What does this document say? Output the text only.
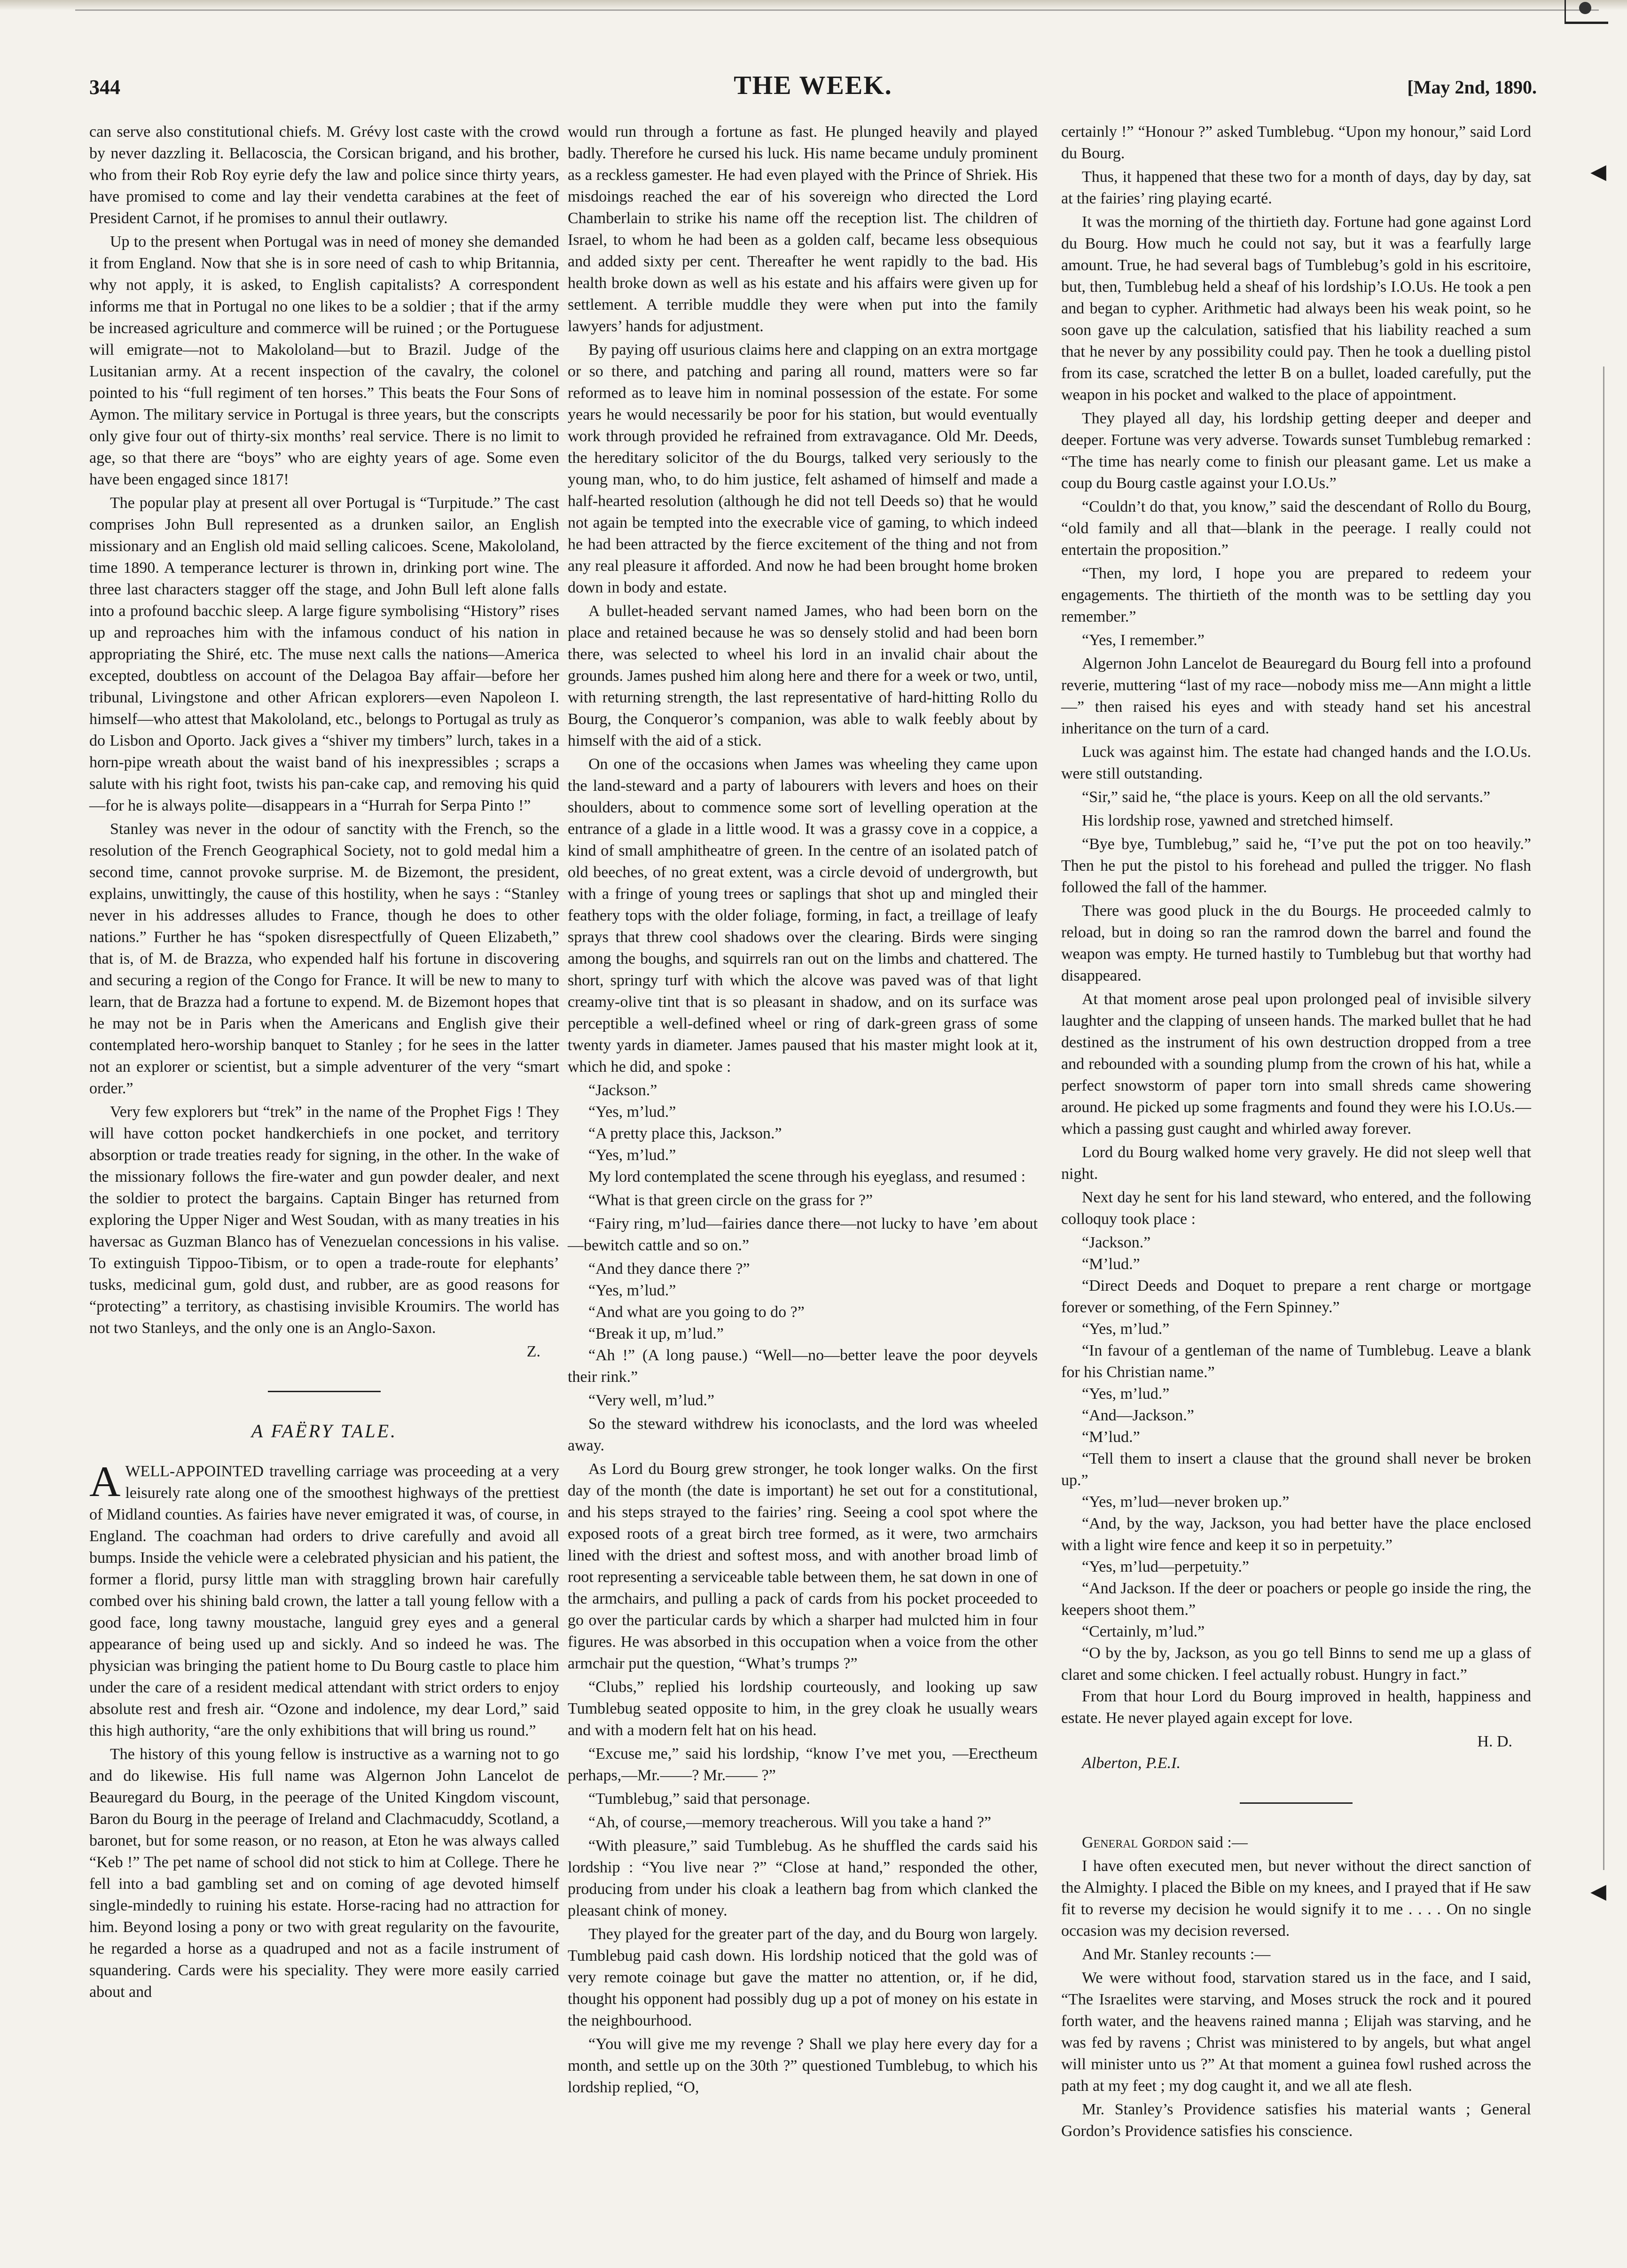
344	THE WEEK.	[May 2nd, 1890.

can serve also constitutional chiefs. M. Grévy lost caste with the crowd by never dazzling it. Bellacoscia, the Corsican brigand, and his brother, who from their Rob Roy eyrie defy the law and police since thirty years, have promised to come and lay their vendetta carabines at the feet of President Carnot, if he promises to annul their outlawry.

Up to the present when Portugal was in need of money she demanded it from England. Now that she is in sore need of cash to whip Britannia, why not apply, it is asked, to English capitalists? A correspondent informs me that in Portugal no one likes to be a soldier ; that if the army be increased agriculture and commerce will be ruined ; or the Portuguese will emigrate—not to Makololand—but to Brazil. Judge of the Lusitanian army. At a recent inspection of the cavalry, the colonel pointed to his “full regiment of ten horses.” This beats the Four Sons of Aymon. The military service in Portugal is three years, but the conscripts only give four out of thirty-six months’ real service. There is no limit to age, so that there are “boys” who are eighty years of age. Some even have been engaged since 1817!

The popular play at present all over Portugal is “Turpitude.” The cast comprises John Bull represented as a drunken sailor, an English missionary and an English old maid selling calicoes. Scene, Makololand, time 1890. A temperance lecturer is thrown in, drinking port wine. The three last characters stagger off the stage, and John Bull left alone falls into a profound bacchic sleep. A large figure symbolising “History” rises up and reproaches him with the infamous conduct of his nation in appropriating the Shiré, etc. The muse next calls the nations—America excepted, doubtless on account of the Delagoa Bay affair—before her tribunal, Livingstone and other African explorers—even Napoleon I. himself—who attest that Makololand, etc., belongs to Portugal as truly as do Lisbon and Oporto. Jack gives a “shiver my timbers” lurch, takes in a horn-pipe wreath about the waist band of his inexpressibles ; scraps a salute with his right foot, twists his pan-cake cap, and removing his quid—for he is always polite—disappears in a “Hurrah for Serpa Pinto !”

Stanley was never in the odour of sanctity with the French, so the resolution of the French Geographical Society, not to gold medal him a second time, cannot provoke surprise. M. de Bizemont, the president, explains, unwittingly, the cause of this hostility, when he says : “Stanley never in his addresses alludes to France, though he does to other nations.” Further he has “spoken disrespectfully of Queen Elizabeth,” that is, of M. de Brazza, who expended half his fortune in discovering and securing a region of the Congo for France. It will be new to many to learn, that de Brazza had a fortune to expend. M. de Bizemont hopes that he may not be in Paris when the Americans and English give their contemplated hero-worship banquet to Stanley ; for he sees in the latter not an explorer or scientist, but a simple adventurer of the very “smart order.”

Very few explorers but “trek” in the name of the Prophet Figs ! They will have cotton pocket handkerchiefs in one pocket, and territory absorption or trade treaties ready for signing, in the other. In the wake of the missionary follows the fire-water and gun powder dealer, and next the soldier to protect the bargains. Captain Binger has returned from exploring the Upper Niger and West Soudan, with as many treaties in his haversac as Guzman Blanco has of Venezuelan concessions in his valise. To extinguish Tippoo-Tibism, or to open a trade-route for elephants’ tusks, medicinal gum, gold dust, and rubber, are as good reasons for “protecting” a territory, as chastising invisible Kroumirs. The world has not two Stanleys, and the only one is an Anglo-Saxon.

Z.
A FAËRY TALE.

AWELL-APPOINTED travelling carriage was proceeding at a very leisurely rate along one of the smoothest highways of the prettiest of Midland counties. As fairies have never emigrated it was, of course, in England. The coachman had orders to drive carefully and avoid all bumps. Inside the vehicle were a celebrated physician and his patient, the former a florid, pursy little man with straggling brown hair carefully combed over his shining bald crown, the latter a tall young fellow with a good face, long tawny moustache, languid grey eyes and a general appearance of being used up and sickly. And so indeed he was. The physician was bringing the patient home to Du Bourg castle to place him under the care of a resident medical attendant with strict orders to enjoy absolute rest and fresh air. “Ozone and indolence, my dear Lord,” said this high authority, “are the only exhibitions that will bring us round.”

The history of this young fellow is instructive as a warning not to go and do likewise. His full name was Algernon John Lancelot de Beauregard du Bourg, in the peerage of the United Kingdom viscount, Baron du Bourg in the peerage of Ireland and Clachmacuddy, Scotland, a baronet, but for some reason, or no reason, at Eton he was always called “Keb !” The pet name of school did not stick to him at College. There he fell into a bad gambling set and on coming of age devoted himself single-mindedly to ruining his estate. Horse-racing had no attraction for him. Beyond losing a pony or two with great regularity on the favourite, he regarded a horse as a quadruped and not as a facile instrument of squandering. Cards were his speciality. They were more easily carried about and

would run through a fortune as fast. He plunged heavily and played badly. Therefore he cursed his luck. His name became unduly prominent as a reckless gamester. He had even played with the Prince of Shriek. His misdoings reached the ear of his sovereign who directed the Lord Chamberlain to strike his name off the reception list. The children of Israel, to whom he had been as a golden calf, became less obsequious and added sixty per cent. Thereafter he went rapidly to the bad. His health broke down as well as his estate and his affairs were given up for settlement. A terrible muddle they were when put into the family lawyers’ hands for adjustment.

By paying off usurious claims here and clapping on an extra mortgage or so there, and patching and paring all round, matters were so far reformed as to leave him in nominal possession of the estate. For some years he would necessarily be poor for his station, but would eventually work through provided he refrained from extravagance. Old Mr. Deeds, the hereditary solicitor of the du Bourgs, talked very seriously to the young man, who, to do him justice, felt ashamed of himself and made a half-hearted resolution (although he did not tell Deeds so) that he would not again be tempted into the execrable vice of gaming, to which indeed he had been attracted by the fierce excitement of the thing and not from any real pleasure it afforded. And now he had been brought home broken down in body and estate.

A bullet-headed servant named James, who had been born on the place and retained because he was so densely stolid and had been born there, was selected to wheel his lord in an invalid chair about the grounds. James pushed him along here and there for a week or two, until, with returning strength, the last representative of hard-hitting Rollo du Bourg, the Conqueror’s companion, was able to walk feebly about by himself with the aid of a stick.

On one of the occasions when James was wheeling they came upon the land-steward and a party of labourers with levers and hoes on their shoulders, about to commence some sort of levelling operation at the entrance of a glade in a little wood. It was a grassy cove in a coppice, a kind of small amphitheatre of green. In the centre of an isolated patch of old beeches, of no great extent, was a circle devoid of undergrowth, but with a fringe of young trees or saplings that shot up and mingled their feathery tops with the older foliage, forming, in fact, a treillage of leafy sprays that threw cool shadows over the clearing. Birds were singing among the boughs, and squirrels ran out on the limbs and chattered. The short, springy turf with which the alcove was paved was of that light creamy-olive tint that is so pleasant in shadow, and on its surface was perceptible a well-defined wheel or ring of dark-green grass of some twenty yards in diameter. James paused that his master might look at it, which he did, and spoke :

“Jackson.”

“Yes, m’lud.”

“A pretty place this, Jackson.”

“Yes, m’lud.”

My lord contemplated the scene through his eyeglass, and resumed :

“What is that green circle on the grass for ?”

“Fairy ring, m’lud—fairies dance there—not lucky to have ’em about—bewitch cattle and so on.”

“And they dance there ?”

“Yes, m’lud.”

“And what are you going to do ?”

“Break it up, m’lud.”

“Ah !” (A long pause.) “Well—no—better leave the poor deyvels their rink.”

“Very well, m’lud.”

So the steward withdrew his iconoclasts, and the lord was wheeled away.

As Lord du Bourg grew stronger, he took longer walks. On the first day of the month (the date is important) he set out for a constitutional, and his steps strayed to the fairies’ ring. Seeing a cool spot where the exposed roots of a great birch tree formed, as it were, two armchairs lined with the driest and softest moss, and with another broad limb of root representing a serviceable table between them, he sat down in one of the armchairs, and pulling a pack of cards from his pocket proceeded to go over the particular cards by which a sharper had mulcted him in four figures. He was absorbed in this occupation when a voice from the other armchair put the question, “What’s trumps ?”

“Clubs,” replied his lordship courteously, and looking up saw Tumblebug seated opposite to him, in the grey cloak he usually wears and with a modern felt hat on his head.

“Excuse me,” said his lordship, “know I’ve met you, —Erectheum perhaps,—Mr.——? Mr.—— ?”

“Tumblebug,” said that personage.

“Ah, of course,—memory treacherous. Will you take a hand ?”

“With pleasure,” said Tumblebug. As he shuffled the cards said his lordship : “You live near ?” “Close at hand,” responded the other, producing from under his cloak a leathern bag from which clanked the pleasant chink of money.

They played for the greater part of the day, and du Bourg won largely. Tumblebug paid cash down. His lordship noticed that the gold was of very remote coinage but gave the matter no attention, or, if he did, thought his opponent had possibly dug up a pot of money on his estate in the neighbourhood.

“You will give me my revenge ? Shall we play here every day for a month, and settle up on the 30th ?” questioned Tumblebug, to which his lordship replied, “O,

certainly !” “Honour ?” asked Tumblebug. “Upon my honour,” said Lord du Bourg.

Thus, it happened that these two for a month of days, day by day, sat at the fairies’ ring playing ecarté.

It was the morning of the thirtieth day. Fortune had gone against Lord du Bourg. How much he could not say, but it was a fearfully large amount. True, he had several bags of Tumblebug’s gold in his escritoire, but, then, Tumblebug held a sheaf of his lordship’s I.O.Us. He took a pen and began to cypher. Arithmetic had always been his weak point, so he soon gave up the calculation, satisfied that his liability reached a sum that he never by any possibility could pay. Then he took a duelling pistol from its case, scratched the letter B on a bullet, loaded carefully, put the weapon in his pocket and walked to the place of appointment.

They played all day, his lordship getting deeper and deeper and deeper. Fortune was very adverse. Towards sunset Tumblebug remarked : “The time has nearly come to finish our pleasant game. Let us make a coup du Bourg castle against your I.O.Us.”

“Couldn’t do that, you know,” said the descendant of Rollo du Bourg, “old family and all that—blank in the peerage. I really could not entertain the proposition.”

“Then, my lord, I hope you are prepared to redeem your engagements. The thirtieth of the month was to be settling day you remember.”

“Yes, I remember.”

Algernon John Lancelot de Beauregard du Bourg fell into a profound reverie, muttering “last of my race—nobody miss me—Ann might a little—” then raised his eyes and with steady hand set his ancestral inheritance on the turn of a card.

Luck was against him. The estate had changed hands and the I.O.Us. were still outstanding.

“Sir,” said he, “the place is yours. Keep on all the old servants.”

His lordship rose, yawned and stretched himself.

“Bye bye, Tumblebug,” said he, “I’ve put the pot on too heavily.” Then he put the pistol to his forehead and pulled the trigger. No flash followed the fall of the hammer.

There was good pluck in the du Bourgs. He proceeded calmly to reload, but in doing so ran the ramrod down the barrel and found the weapon was empty. He turned hastily to Tumblebug but that worthy had disappeared.

At that moment arose peal upon prolonged peal of invisible silvery laughter and the clapping of unseen hands. The marked bullet that he had destined as the instrument of his own destruction dropped from a tree and rebounded with a sounding plump from the crown of his hat, while a perfect snowstorm of paper torn into small shreds came showering around. He picked up some fragments and found they were his I.O.Us.—which a passing gust caught and whirled away forever.

Lord du Bourg walked home very gravely. He did not sleep well that night.

Next day he sent for his land steward, who entered, and the following colloquy took place :

“Jackson.”

“M’lud.”

“Direct Deeds and Doquet to prepare a rent charge or mortgage forever or something, of the Fern Spinney.”

“Yes, m’lud.”

“In favour of a gentleman of the name of Tumblebug. Leave a blank for his Christian name.”

“Yes, m’lud.”

“And—Jackson.”

“M’lud.”

“Tell them to insert a clause that the ground shall never be broken up.”

“Yes, m’lud—never broken up.”

“And, by the way, Jackson, you had better have the place enclosed with a light wire fence and keep it so in perpetuity.”

“Yes, m’lud—perpetuity.”

“And Jackson. If the deer or poachers or people go inside the ring, the keepers shoot them.”

“Certainly, m’lud.”

“O by the by, Jackson, as you go tell Binns to send me up a glass of claret and some chicken. I feel actually robust. Hungry in fact.”

From that hour Lord du Bourg improved in health, happiness and estate. He never played again except for love.

H. D.

Alberton, P.E.I.

General Gordon said :—

I have often executed men, but never without the direct sanction of the Almighty. I placed the Bible on my knees, and I prayed that if He saw fit to reverse my decision he would signify it to me . . . . On no single occasion was my decision reversed.

And Mr. Stanley recounts :—

We were without food, starvation stared us in the face, and I said, “The Israelites were starving, and Moses struck the rock and it poured forth water, and the heavens rained manna ; Elijah was starving, and he was fed by ravens ; Christ was ministered to by angels, but what angel will minister unto us ?” At that moment a guinea fowl rushed across the path at my feet ; my dog caught it, and we all ate flesh.

Mr. Stanley’s Providence satisfies his material wants ; General Gordon’s Providence satisfies his conscience.

◀
◀
